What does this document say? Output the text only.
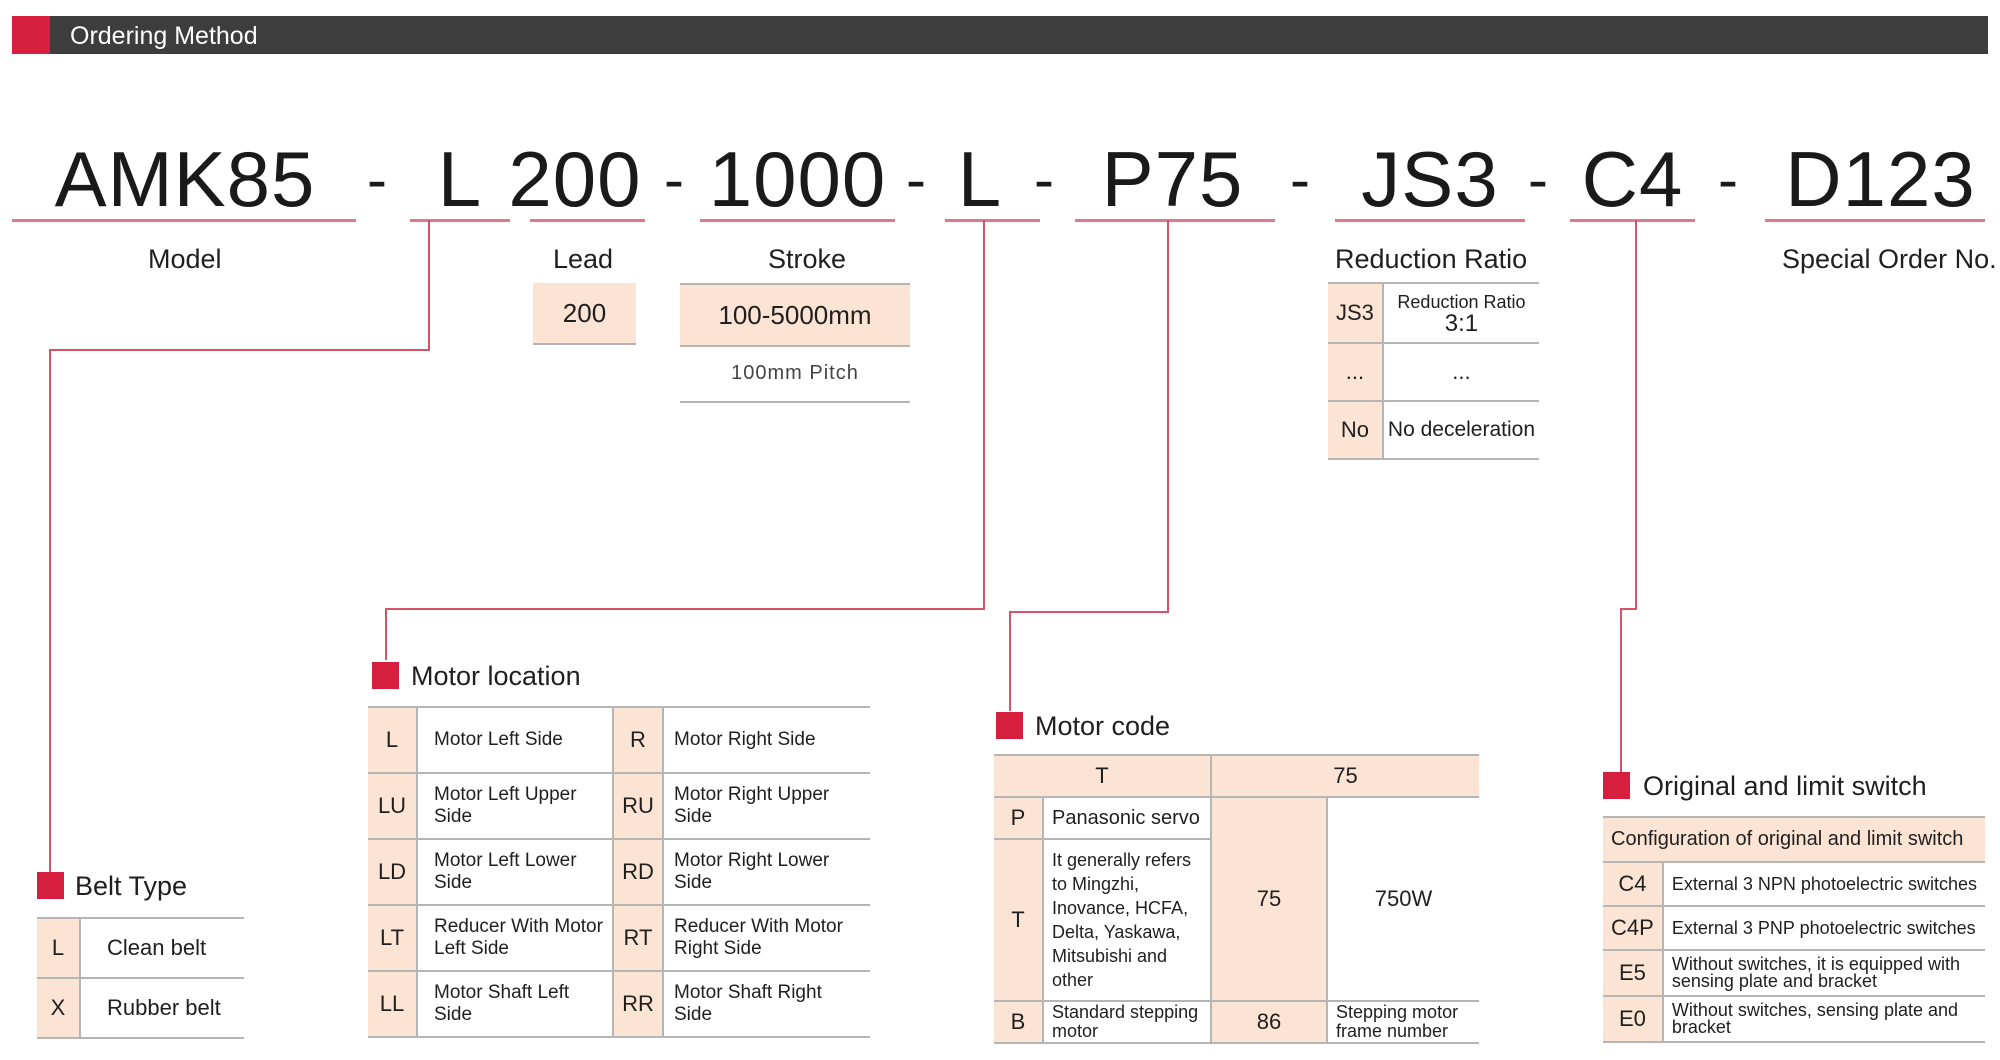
Ordering Method
AMK85 - L 200 - 1000 - L - P75 - JS3 - C4 - D123
Model	Lead	Stroke	Reduction Ratio	Special Order No.
200	100-5000mm
100mm Pitch
JS3	Reduction Ratio
3:1

...	...
No	No deceleration
Belt Type
L	Clean belt
X	Rubber belt
Motor location
L	Motor Left Side	R	Motor Right Side
LU	Motor Left Upper Side	RU	Motor Right Upper Side
LD	Motor Left Lower Side	RD	Motor Right Lower Side
LT	Reducer With Motor Left Side	RT	Reducer With Motor Right Side
LL	Motor Shaft Left Side	RR	Motor Shaft Right Side
Motor code
T		75	
P	Panasonic servo	75	750W
T	It generally refers to Mingzhi, Inovance, HCFA, Delta, Yaskawa, Mitsubishi and other		
B	Standard stepping motor	86	Stepping motor frame number
Original and limit switch
Configuration of original and limit switch	
C4	External 3 NPN photoelectric switches
C4P	External 3 PNP photoelectric switches
E5	Without switches, it is equipped with sensing plate and bracket
E0	Without switches, sensing plate and bracket
